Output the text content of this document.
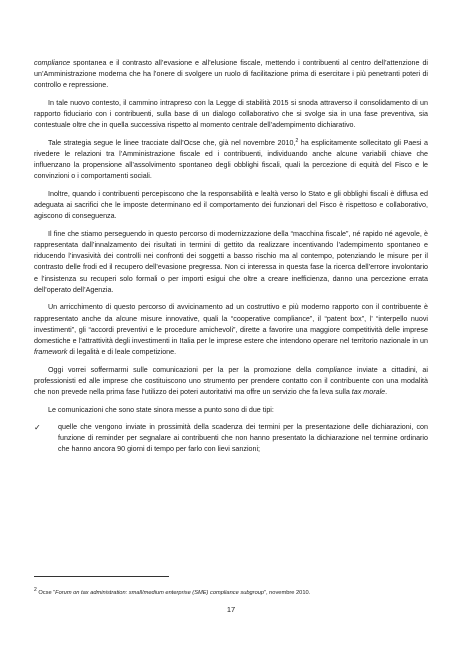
compliance spontanea e il contrasto all’evasione e all’elusione fiscale, mettendo i contribuenti al centro dell’attenzione di un’Amministrazione moderna che ha l’onere di svolgere un ruolo di facilitazione prima di esercitare i più penetranti poteri di controllo e repressione.

In tale nuovo contesto, il cammino intrapreso con la Legge di stabilità 2015 si snoda attraverso il consolidamento di un rapporto fiduciario con i contribuenti, sulla base di un dialogo collaborativo che si svolge sia in una fase preventiva, sia contestuale oltre che in quella successiva rispetto al momento centrale dell’adempimento dichiarativo.

Tale strategia segue le linee tracciate dall’Ocse che, già nel novembre 2010,$^2$ ha esplicitamente sollecitato gli Paesi a rivedere le relazioni tra l’Amministrazione fiscale ed i contribuenti, individuando anche alcune variabili chiave che influenzano la propensione all’assolvimento spontaneo degli obblighi fiscali, quali la percezione di equità del Fisco e le convinzioni o i comportamenti sociali.

Inoltre, quando i contribuenti percepiscono che la responsabilità e lealtà verso lo Stato e gli obblighi fiscali è diffusa ed adeguata ai sacrifici che le imposte determinano ed il comportamento dei funzionari del Fisco è rispettoso e collaborativo, agiscono di conseguenza.

Il fine che stiamo perseguendo in questo percorso di modernizzazione della “macchina fiscale”, né rapido né agevole, è rappresentata dall’innalzamento dei risultati in termini di gettito da realizzare incentivando l’adempimento spontaneo e riducendo l’invasività dei controlli nei confronti dei soggetti a basso rischio ma al contempo, potenziando le misure per il contrasto delle frodi ed il recupero dell’evasione pregressa. Non ci interessa in questa fase la ricerca dell’errore involontario e l’insistenza su recuperi solo formali o per importi esigui che oltre a creare inefficienza, danno una percezione errata dell’operato dell’Agenzia.

Un arricchimento di questo percorso di avvicinamento ad un costruttivo e più moderno rapporto con il contribuente è rappresentato anche da alcune misure innovative, quali la “cooperative compliance”, il “patent box”, l’ “interpello nuovi investimenti”, gli “accordi preventivi e le procedure amichevoli”, dirette a favorire una maggiore competitività delle imprese domestiche e l’attrattività degli investimenti in Italia per le imprese estere che intendono operare nel territorio nazionale in un framework di legalità e di leale competizione.

Oggi vorrei soffermarmi sulle comunicazioni per la per la promozione della compliance inviate a cittadini, ai professionisti ed alle imprese che costituiscono uno strumento per prendere contatto con il contribuente con una modalità che non prevede nella prima fase l’utilizzo dei poteri autoritativi ma offre un servizio che fa leva sulla tax morale.

Le comunicazioni che sono state sinora messe a punto sono di due tipi:

✓	quelle che vengono inviate in prossimità della scadenza dei termini per la presentazione delle dichiarazioni, con funzione di reminder per segnalare ai contribuenti che non hanno presentato la dichiarazione nel termine ordinario che hanno ancora 90 giorni di tempo per farlo con lievi sanzioni;
$^2$ Ocse “Forum on tax administration: small/medium enterprise (SME) compliance subgroup”, novembre 2010.
17
